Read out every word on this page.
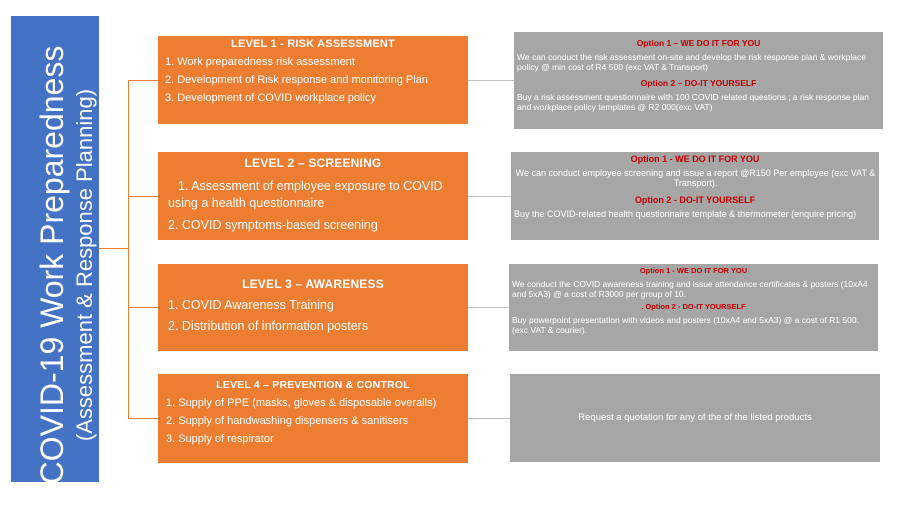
COVID-19 Work Preparedness (Assessment & Response Planning)
LEVEL 1 - RISK ASSESSMENT
1. Work preparedness risk assessment
2. Development of Risk response and monitoring Plan
3. Development of COVID workplace policy
LEVEL 2 – SCREENING
1. Assessment of employee exposure to COVID using a health questionnaire
2. COVID symptoms-based screening
LEVEL 3 – AWARENESS
1. COVID Awareness Training
2. Distribution of information posters
LEVEL 4 – PREVENTION & CONTROL
1. Supply of PPE (masks, gloves & disposable overalls)
2. Supply of handwashing dispensers & sanitisers
3. Supply of respirator
Option 1 – WE DO IT FOR YOU
We can conduct the risk assessment on-site and develop the risk response plan & workplace policy @ min cost of R4 500 (exc VAT & Transport)
Option 2 – DO-IT YOURSELF
Buy a risk assessment questionnaire with 100 COVID related questions ; a risk response plan and workplace policy templates @ R2 000(exc VAT)
Option 1 - WE DO IT FOR YOU
We can conduct employee screening and issue a report @R150 Per employee (exc VAT & Transport).
Option 2 - DO-IT YOURSELF
Buy the COVID-related health questionnaire template & thermometer (enquire pricing)
Option 1 - WE DO IT FOR YOU
We conduct the COVID awareness training and issue attendance certificates & posters (10xA4 and 5xA3) @ a cost of R3000 per group of 10.
. Option 2 - DO-IT YOURSELF
Buy powerpoint presentation with videos and posters (10xA4 and 5xA3) @ a cost of R1 500. (exc VAT & courier).
Request a quotation for any of the of the listed products
